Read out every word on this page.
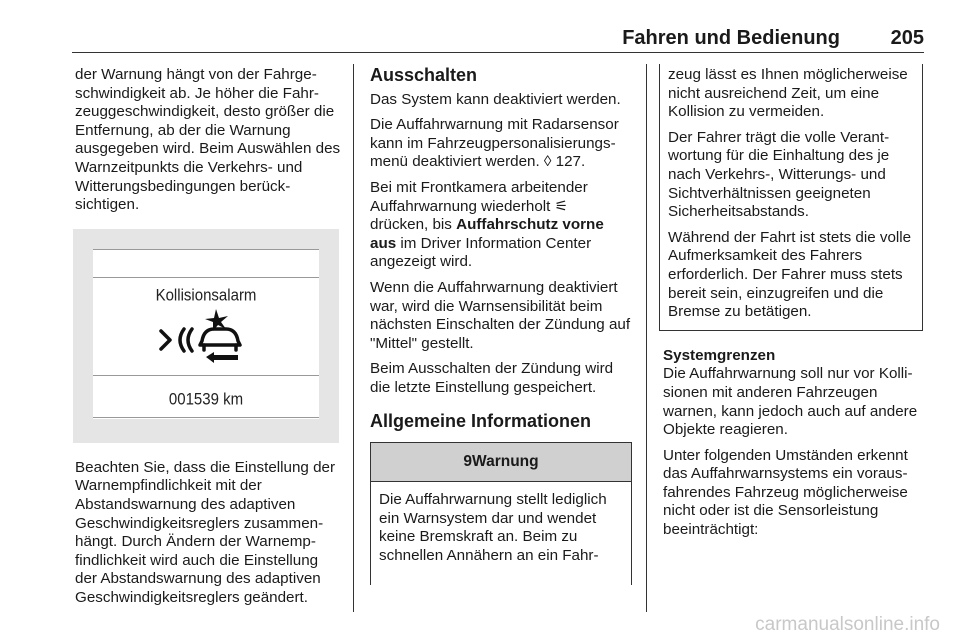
Fahren und Bedienung	205

der Warnung hängt von der Fahrgeschwindigkeit ab. Je höher die Fahrzeuggeschwindigkeit, desto größer die Entfernung, ab der die Warnung ausgegeben wird. Beim Auswählen des Warnzeitpunkts die Verkehrs- und Witterungsbedingungen berücksichtigen.

Kollisionsalarm
001539 km

Beachten Sie, dass die Einstellung der Warnempfindlichkeit mit der Abstandswarnung des adaptiven Geschwindigkeitsreglers zusammenhängt. Durch Ändern der Warnempfindlichkeit wird auch die Einstellung der Abstandswarnung des adaptiven Geschwindigkeitsreglers geändert.

Ausschalten

Das System kann deaktiviert werden.

Die Auffahrwarnung mit Radarsensor kann im Fahrzeugpersonalisierungsmenü deaktiviert werden. ◊ 127.

Bei mit Frontkamera arbeitender Auffahrwarnung wiederholt ⚟
drücken, bis Auffahrschutz vorne aus im Driver Information Center angezeigt wird.

Wenn die Auffahrwarnung deaktiviert war, wird die Warnsensibilität beim nächsten Einschalten der Zündung auf "Mittel" gestellt.

Beim Ausschalten der Zündung wird die letzte Einstellung gespeichert.

Allgemeine Informationen
9Warnung
Die Auffahrwarnung stellt lediglich ein Warnsystem dar und wendet keine Bremskraft an. Beim zu schnellen Annähern an ein Fahr-

zeug lässt es Ihnen möglicherweise nicht ausreichend Zeit, um eine Kollision zu vermeiden.

Der Fahrer trägt die volle Verantwortung für die Einhaltung des je nach Verkehrs-, Witterungs- und Sichtverhältnissen geeigneten Sicherheitsabstands.

Während der Fahrt ist stets die volle Aufmerksamkeit des Fahrers erforderlich. Der Fahrer muss stets bereit sein, einzugreifen und die Bremse zu betätigen.

Systemgrenzen

Die Auffahrwarnung soll nur vor Kollisionen mit anderen Fahrzeugen warnen, kann jedoch auch auf andere Objekte reagieren.

Unter folgenden Umständen erkennt das Auffahrwarnsystems ein vorausfahrendes Fahrzeug möglicherweise nicht oder ist die Sensorleistung beeinträchtigt:

carmanualsonline.info
